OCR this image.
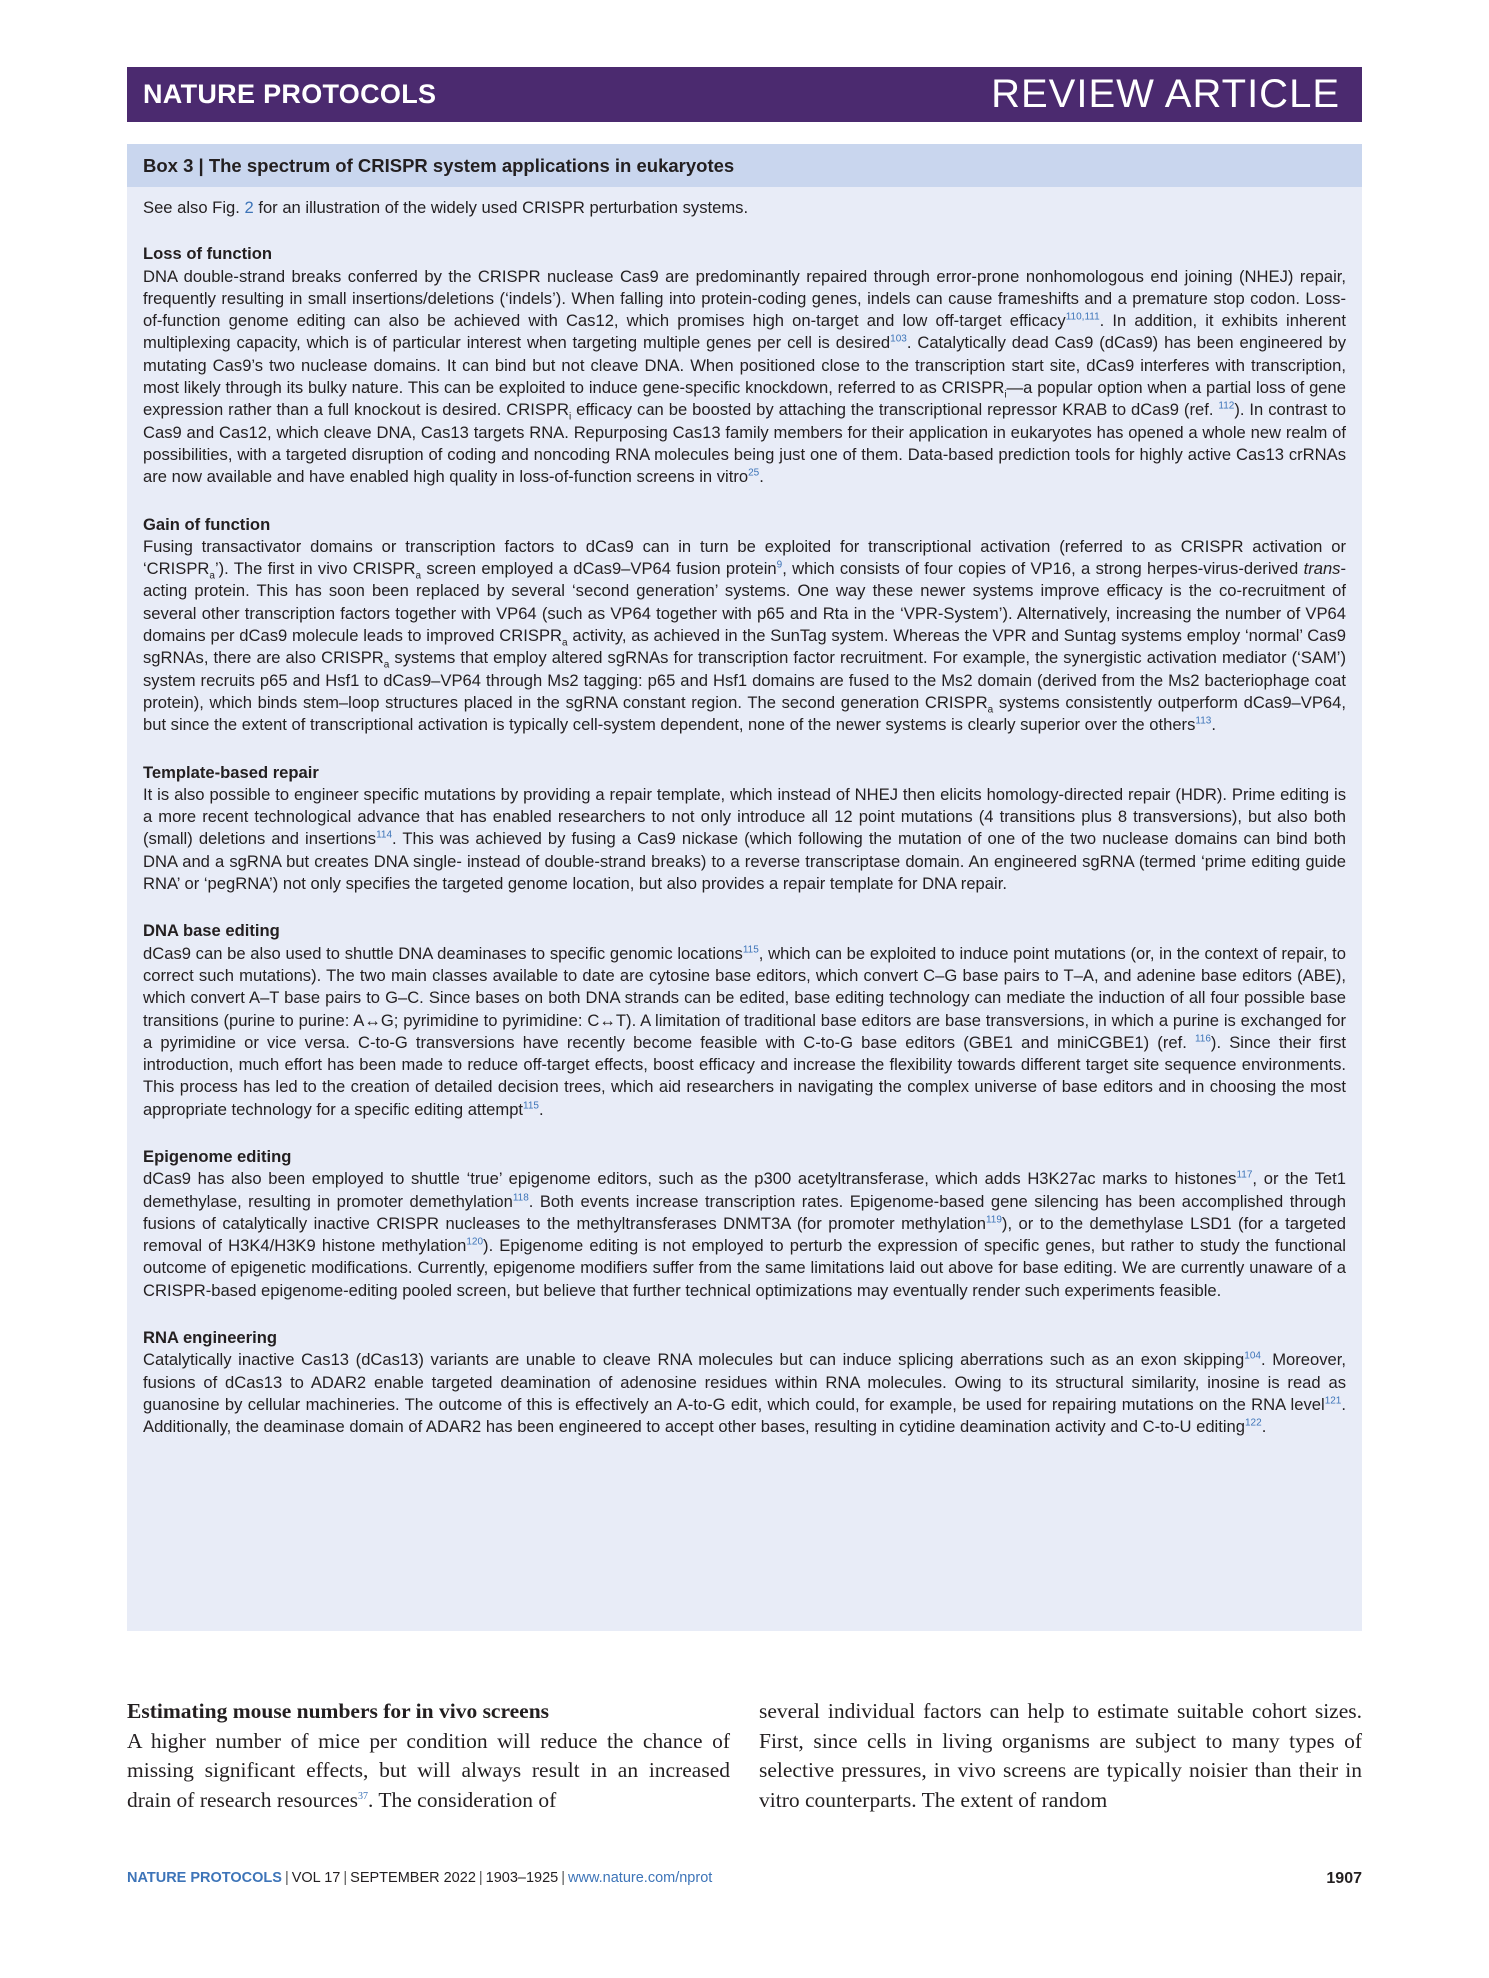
NATURE PROTOCOLS	REVIEW ARTICLE
Box 3 | The spectrum of CRISPR system applications in eukaryotes

See also Fig. 2 for an illustration of the widely used CRISPR perturbation systems.

Loss of function

DNA double-strand breaks conferred by the CRISPR nuclease Cas9 are predominantly repaired through error-prone nonhomologous end joining (NHEJ) repair, frequently resulting in small insertions/deletions (‘indels’). When falling into protein-coding genes, indels can cause frameshifts and a premature stop codon. Loss-of-function genome editing can also be achieved with Cas12, which promises high on-target and low off-target efficacy$^{110,111}$. In addition, it exhibits inherent multiplexing capacity, which is of particular interest when targeting multiple genes per cell is desired$^{103}$. Catalytically dead Cas9 (dCas9) has been engineered by mutating Cas9’s two nuclease domains. It can bind but not cleave DNA. When positioned close to the transcription start site, dCas9 interferes with transcription, most likely through its bulky nature. This can be exploited to induce gene-specific knockdown, referred to as $CRISPR_i—a$ popular option when a partial loss of gene expression rather than a full knockout is desired. $CRISPR_i$ efficacy can be boosted by attaching the transcriptional repressor KRAB to dCas9 (ref. $^{112}$). In contrast to Cas9 and Cas12, which cleave DNA, Cas13 targets RNA. Repurposing Cas13 family members for their application in eukaryotes has opened a whole new realm of possibilities, with a targeted disruption of coding and noncoding RNA molecules being just one of them. Data-based prediction tools for highly active Cas13 crRNAs are now available and have enabled high quality in loss-of-function screens in vitro$^{25}$.

Gain of function

Fusing transactivator domains or transcription factors to dCas9 can in turn be exploited for transcriptional activation (referred to as CRISPR activation or ‘$CRISPR_a$’). The first in vivo $CRISPR_a$ screen employed a dCas9–VP64 fusion protein$^9$, which consists of four copies of VP16, a strong herpes-virus-derived trans-acting protein. This has soon been replaced by several ‘second generation’ systems. One way these newer systems improve efficacy is the co-recruitment of several other transcription factors together with VP64 (such as VP64 together with p65 and Rta in the ‘VPR-System’). Alternatively, increasing the number of VP64 domains per dCas9 molecule leads to improved $CRISPR_a$ activity, as achieved in the SunTag system. Whereas the VPR and Suntag systems employ ‘normal’ Cas9 sgRNAs, there are also $CRISPR_a$ systems that employ altered sgRNAs for transcription factor recruitment. For example, the synergistic activation mediator (‘SAM’) system recruits p65 and Hsf1 to dCas9–VP64 through Ms2 tagging: p65 and Hsf1 domains are fused to the Ms2 domain (derived from the Ms2 bacteriophage coat protein), which binds stem–loop structures placed in the sgRNA constant region. The second generation $CRISPR_a$ systems consistently outperform dCas9–VP64, but since the extent of transcriptional activation is typically cell-system dependent, none of the newer systems is clearly superior over the others$^{113}$.

Template-based repair

It is also possible to engineer specific mutations by providing a repair template, which instead of NHEJ then elicits homology-directed repair (HDR). Prime editing is a more recent technological advance that has enabled researchers to not only introduce all 12 point mutations (4 transitions plus 8 transversions), but also both (small) deletions and insertions$^{114}$. This was achieved by fusing a Cas9 nickase (which following the mutation of one of the two nuclease domains can bind both DNA and a sgRNA but creates DNA single- instead of double-strand breaks) to a reverse transcriptase domain. An engineered sgRNA (termed ‘prime editing guide RNA’ or ‘pegRNA’) not only specifies the targeted genome location, but also provides a repair template for DNA repair.

DNA base editing

dCas9 can be also used to shuttle DNA deaminases to specific genomic locations$^{115}$, which can be exploited to induce point mutations (or, in the context of repair, to correct such mutations). The two main classes available to date are cytosine base editors, which convert C–G base pairs to T–A, and adenine base editors (ABE), which convert A–T base pairs to G–C. Since bases on both DNA strands can be edited, base editing technology can mediate the induction of all four possible base transitions (purine to purine: A↔G; pyrimidine to pyrimidine: C↔T). A limitation of traditional base editors are base transversions, in which a purine is exchanged for a pyrimidine or vice versa. C-to-G transversions have recently become feasible with C-to-G base editors (GBE1 and miniCGBE1) (ref. $^{116}$). Since their first introduction, much effort has been made to reduce off-target effects, boost efficacy and increase the flexibility towards different target site sequence environments. This process has led to the creation of detailed decision trees, which aid researchers in navigating the complex universe of base editors and in choosing the most appropriate technology for a specific editing attempt$^{115}$.

Epigenome editing

dCas9 has also been employed to shuttle ‘true’ epigenome editors, such as the p300 acetyltransferase, which adds H3K27ac marks to histones$^{117}$, or the Tet1 demethylase, resulting in promoter demethylation$^{118}$. Both events increase transcription rates. Epigenome-based gene silencing has been accomplished through fusions of catalytically inactive CRISPR nucleases to the methyltransferases DNMT3A (for promoter methylation$^{119}$), or to the demethylase LSD1 (for a targeted removal of H3K4/H3K9 histone methylation$^{120}$). Epigenome editing is not employed to perturb the expression of specific genes, but rather to study the functional outcome of epigenetic modifications. Currently, epigenome modifiers suffer from the same limitations laid out above for base editing. We are currently unaware of a CRISPR-based epigenome-editing pooled screen, but believe that further technical optimizations may eventually render such experiments feasible.

RNA engineering

Catalytically inactive Cas13 (dCas13) variants are unable to cleave RNA molecules but can induce splicing aberrations such as an exon skipping$^{104}$. Moreover, fusions of dCas13 to ADAR2 enable targeted deamination of adenosine residues within RNA molecules. Owing to its structural similarity, inosine is read as guanosine by cellular machineries. The outcome of this is effectively an A-to-G edit, which could, for example, be used for repairing mutations on the RNA level$^{121}$. Additionally, the deaminase domain of ADAR2 has been engineered to accept other bases, resulting in cytidine deamination activity and C-to-U editing$^{122}$.

Estimating mouse numbers for in vivo screens

A higher number of mice per condition will reduce the chance of missing significant effects, but will always result in an increased drain of research resources$^{37}$. The consideration of

several individual factors can help to estimate suitable cohort sizes. First, since cells in living organisms are subject to many types of selective pressures, in vivo screens are typically noisier than their in vitro counterparts. The extent of random

NATURE PROTOCOLS | VOL 17 | SEPTEMBER 2022 | 1903–1925 | www.nature.com/nprot	1907
